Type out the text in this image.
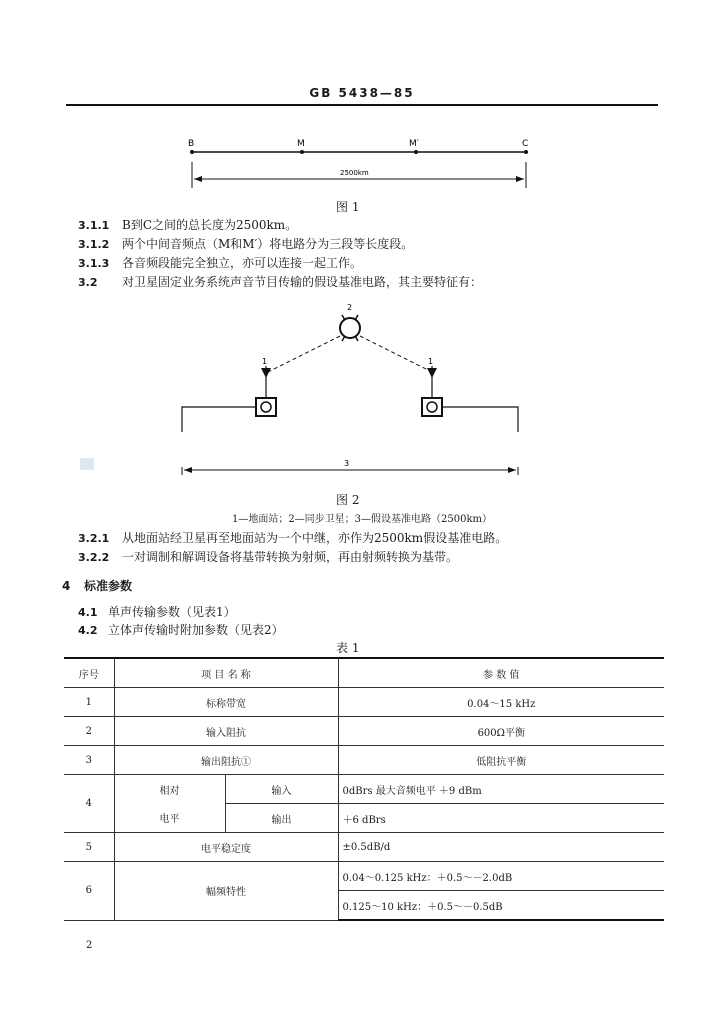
GB 5438—85
B	M	M′	C
2500km
图 1
3.1.1 B到C之间的总长度为2500km。
3.1.2 两个中间音频点（M和M′）将电路分为三段等长度段。
3.1.3 各音频段能完全独立，亦可以连接一起工作。
3.2 对卫星固定业务系统声音节目传输的假设基准电路，其主要特征有：
2
1	1
3
图 2
1—地面站；2—同步卫星；3—假设基准电路（2500km）
3.2.1 从地面站经卫星再至地面站为一个中继，亦作为2500km假设基准电路。
3.2.2 一对调制和解调设备将基带转换为射频，再由射频转换为基带。
4 标准参数
4.1 单声传输参数（见表1）
4.2 立体声传输时附加参数（见表2）
表 1
序号	项 目 名 称		参 数 值
1	标称带宽		0.04～15 kHz
2	输入阻抗		600Ω平衡
3	输出阻抗①		低阻抗平衡
4	相对	输入	0dBrs 最大音频电平 ＋9 dBm
	电平	输出	＋6 dBrs
5	电平稳定度		±0.5dB/d
6	幅频特性		0.04～0.125 kHz：＋0.5～－2.0dB
			0.125～10 kHz：＋0.5～－0.5dB
2
